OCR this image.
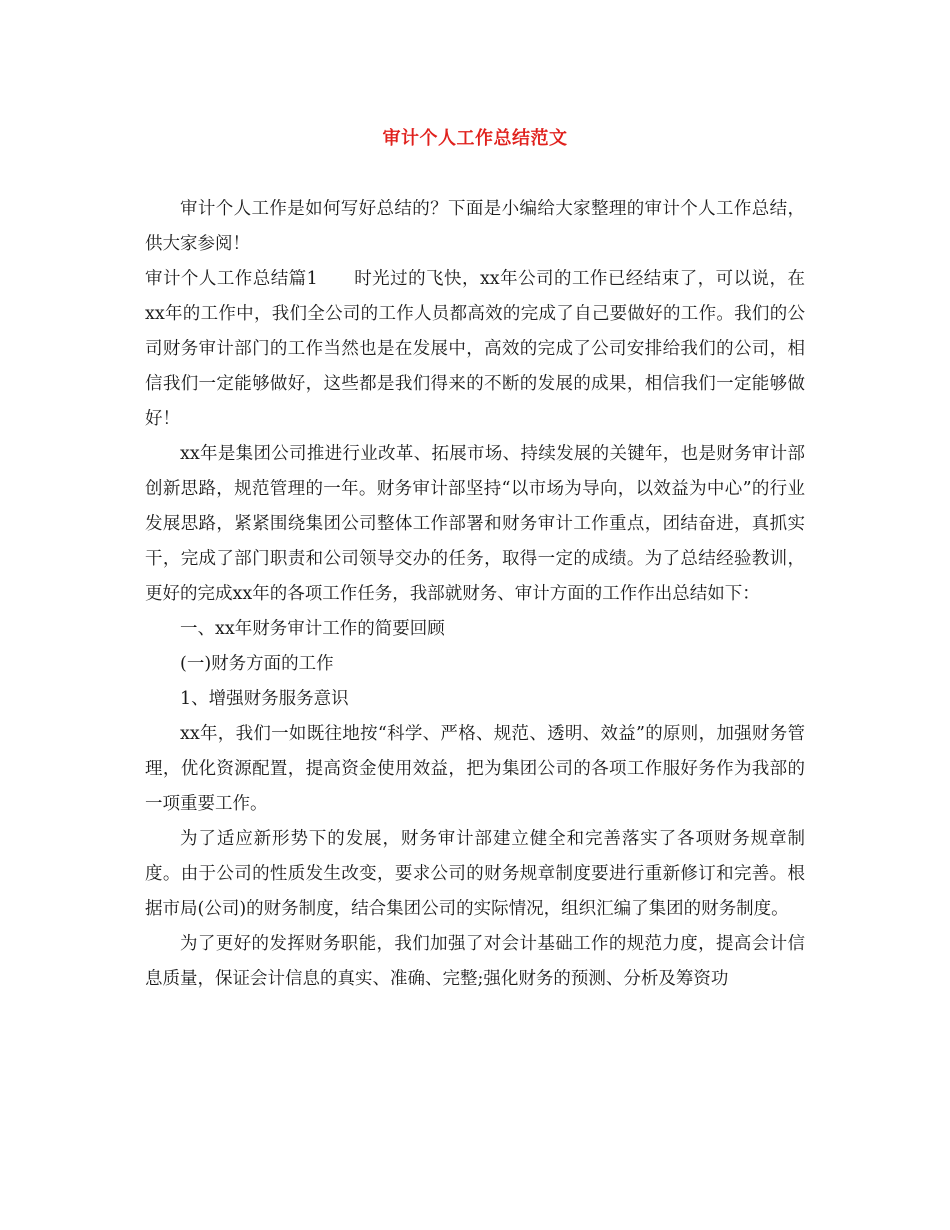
审计个人工作总结范文

审计个人工作是如何写好总结的？下面是小编给大家整理的审计个人工作总结，供大家参阅！

审计个人工作总结篇1 时光过的飞快，xx年公司的工作已经结束了，可以说，在xx年的工作中，我们全公司的工作人员都高效的完成了自己要做好的工作。我们的公司财务审计部门的工作当然也是在发展中，高效的完成了公司安排给我们的公司，相信我们一定能够做好，这些都是我们得来的不断的发展的成果，相信我们一定能够做好！

xx年是集团公司推进行业改革、拓展市场、持续发展的关键年，也是财务审计部创新思路，规范管理的一年。财务审计部坚持“以市场为导向，以效益为中心”的行业发展思路，紧紧围绕集团公司整体工作部署和财务审计工作重点，团结奋进，真抓实干，完成了部门职责和公司领导交办的任务，取得一定的成绩。为了总结经验教训，更好的完成xx年的各项工作任务，我部就财务、审计方面的工作作出总结如下：

一、xx年财务审计工作的简要回顾

(一)财务方面的工作

1、增强财务服务意识

xx年，我们一如既往地按“科学、严格、规范、透明、效益”的原则，加强财务管理，优化资源配置，提高资金使用效益，把为集团公司的各项工作服好务作为我部的一项重要工作。

为了适应新形势下的发展，财务审计部建立健全和完善落实了各项财务规章制度。由于公司的性质发生改变，要求公司的财务规章制度要进行重新修订和完善。根据市局(公司)的财务制度，结合集团公司的实际情况，组织汇编了集团的财务制度。

为了更好的发挥财务职能，我们加强了对会计基础工作的规范力度，提高会计信息质量，保证会计信息的真实、准确、完整;强化财务的预测、分析及筹资功
